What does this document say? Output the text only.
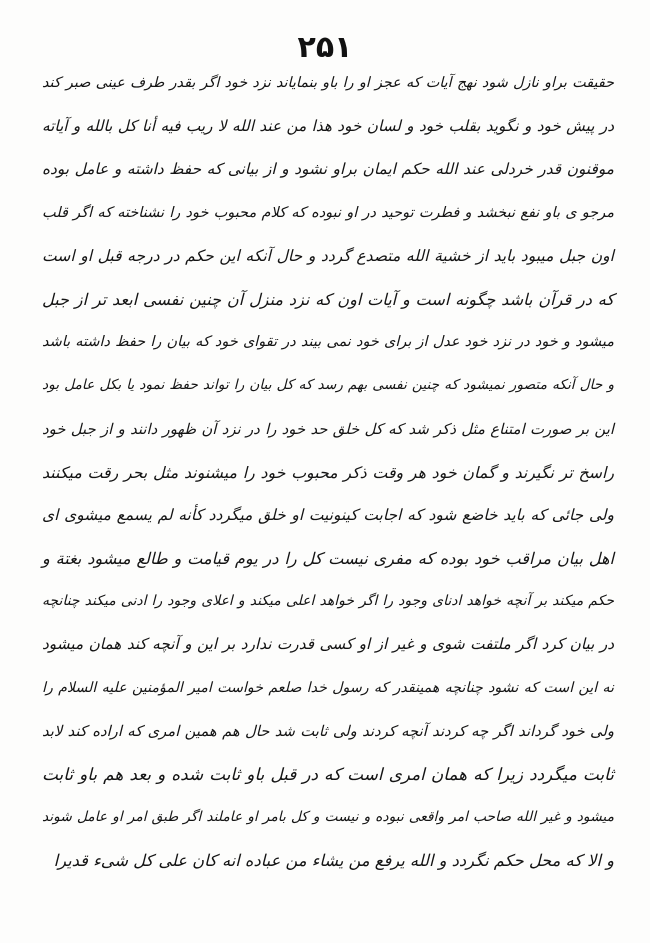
۲۵۱
حقیقت براو نازل شود نهج آیات که عجز او را باو بنمایاند نزد خود اگر بقدر طرف عینی صبر کند
در پیش خود و نگوید بقلب خود و لسان خود هذا من عند الله لا ریب فیه أنا کل بالله و آیاته
موقنون قدر خردلی عند الله حکم ایمان براو نشود و از بیانی که حفظ داشته و عامل بوده
مرجو ی باو نفع نبخشد و فطرت توحید در او نبوده که کلام محبوب خود را نشناخته که اگر قلب
اون جبل میبود باید از خشیة الله متصدع گردد و حال آنکه این حکم در درجه قبل او است
که در قرآن باشد چگونه است و آیات اون که نزد منزل آن چنین نفسی ابعد تر از جبل
میشود و خود در نزد خود عدل از برای خود نمی بیند در تقوای خود که بیان را حفظ داشته باشد
و حال آنکه متصور نمیشود که چنین نفسی بهم رسد که کل بیان را تواند حفظ نمود یا بکل عامل بود
این بر صورت امتناع مثل ذکر شد که کل خلق حد خود را در نزد آن ظهور دانند و از جبل خود
راسخ تر نگیرند و گمان خود هر وقت ذکر محبوب خود را میشنوند مثل بحر رقت میکنند
ولی جائی که باید خاضع شود که اجابت کینونیت او خلق میگردد کأنه لم یسمع میشوی ای
اهل بیان مراقب خود بوده که مفری نیست کل را در یوم قیامت و طالع میشود بغتة و
حکم میکند بر آنچه خواهد ادنای وجود را اگر خواهد اعلی میکند و اعلای وجود را ادنی میکند چنانچه
در بیان کرد اگر ملتفت شوی و غیر از او کسی قدرت ندارد بر این و آنچه کند همان میشود
نه این است که نشود چنانچه همینقدر که رسول خدا صلعم خواست امیر المؤمنین علیه السلام را
ولی خود گرداند اگر چه کردند آنچه کردند ولی ثابت شد حال هم همین امری که اراده کند لابد
ثابت میگردد زیرا که همان امری است که در قبل باو ثابت شده و بعد هم باو ثابت
میشود و غیر الله صاحب امر واقعی نبوده و نیست و کل بامر او عاملند اگر طبق امر او عامل شوند
و الا که محل حکم نگردد و الله یرفع من یشاء من عباده انه کان علی کل شیء قدیرا
